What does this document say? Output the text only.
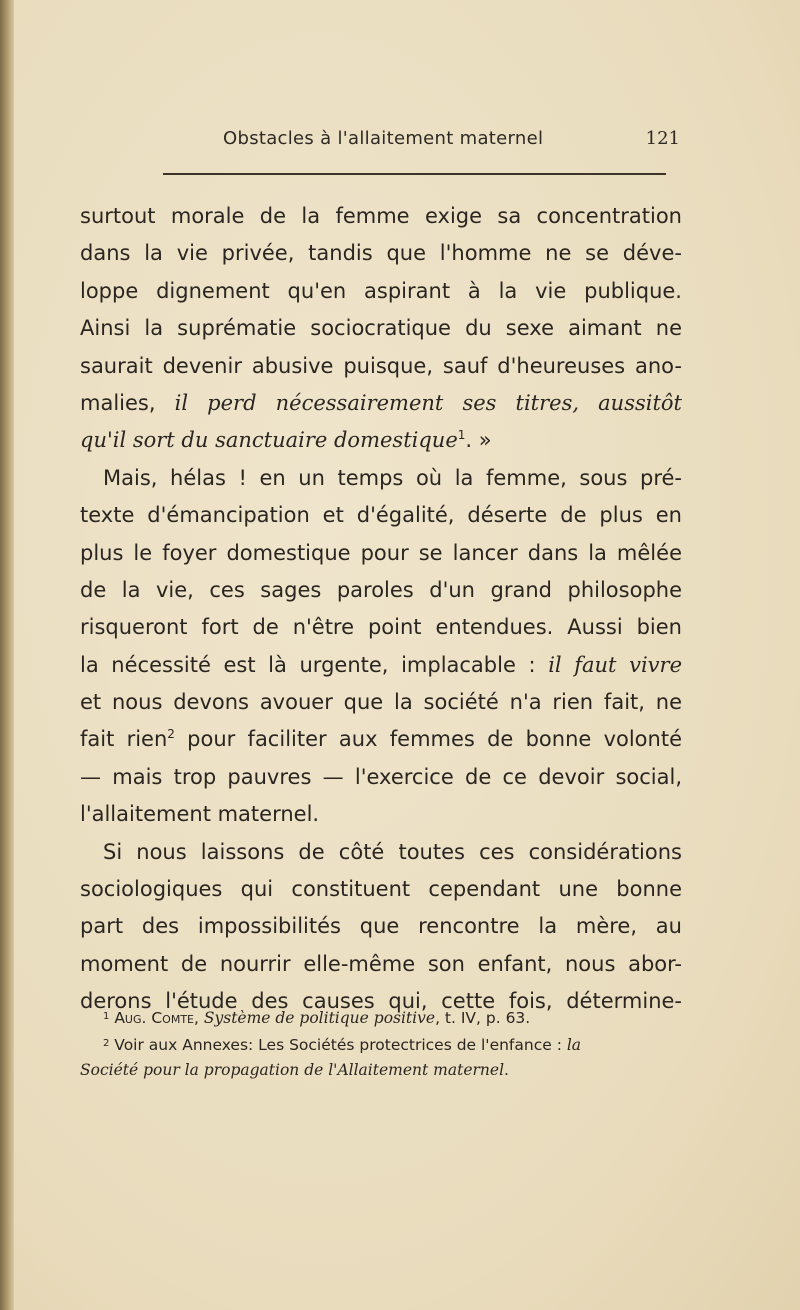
Obstacles à l'allaitement maternel	121
surtout morale de la femme exige sa concentration
dans la vie privée, tandis que l'homme ne se déve-
loppe dignement qu'en aspirant à la vie publique.
Ainsi la suprématie sociocratique du sexe aimant ne
saurait devenir abusive puisque, sauf d'heureuses ano-
malies, il perd nécessairement ses titres, aussitôt
qu'il sort du sanctuaire domestique$^1$. »
Mais, hélas ! en un temps où la femme, sous pré-
texte d'émancipation et d'égalité, déserte de plus en
plus le foyer domestique pour se lancer dans la mêlée
de la vie, ces sages paroles d'un grand philosophe
risqueront fort de n'être point entendues. Aussi bien
la nécessité est là urgente, implacable : il faut vivre
et nous devons avouer que la société n'a rien fait, ne
fait rien$^2$ pour faciliter aux femmes de bonne volonté
— mais trop pauvres — l'exercice de ce devoir social,
l'allaitement maternel.
Si nous laissons de côté toutes ces considérations
sociologiques qui constituent cependant une bonne
part des impossibilités que rencontre la mère, au
moment de nourrir elle-même son enfant, nous abor-
derons l'étude des causes qui, cette fois, détermine-
$^1$ Aug. Comte, Système de politique positive, t. IV, p. 63.
$^2$ Voir aux Annexes: Les Sociétés protectrices de l'enfance : la
Société pour la propagation de l'Allaitement maternel.
